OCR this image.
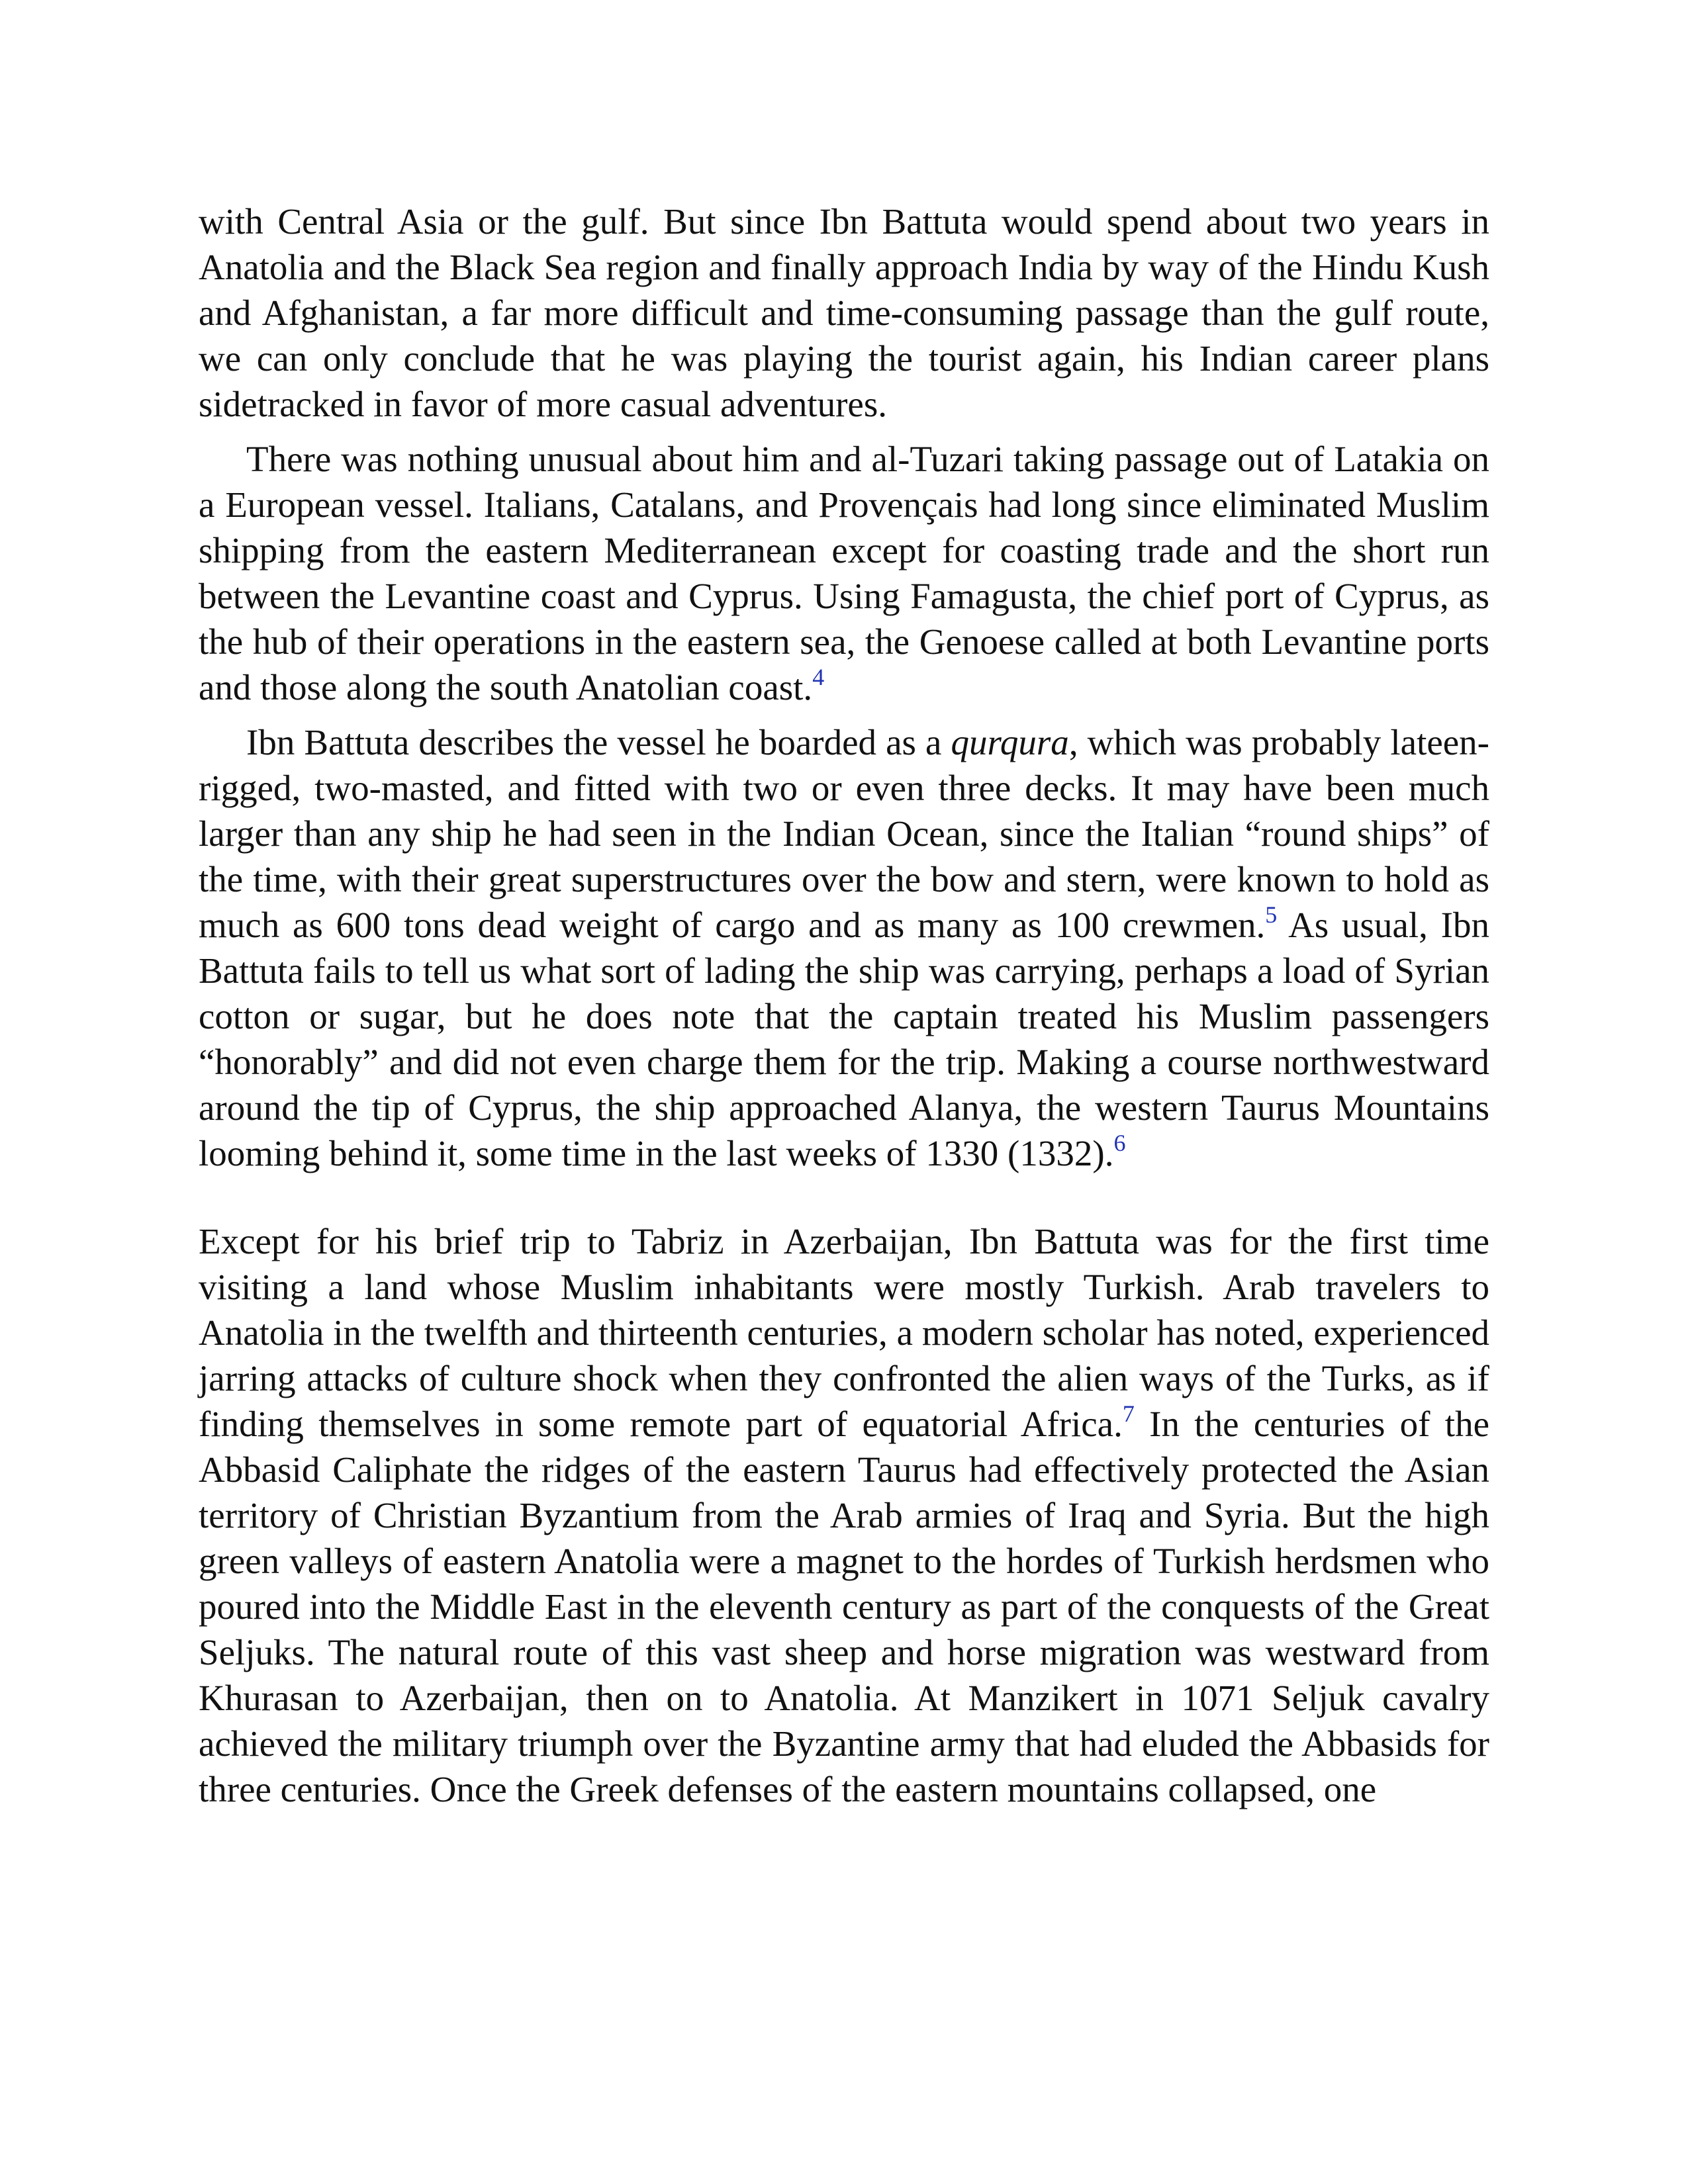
with Central Asia or the gulf. But since Ibn Battuta would spend about two years in Anatolia and the Black Sea region and finally approach India by way of the Hindu Kush and Afghanistan, a far more difficult and time-consuming passage than the gulf route, we can only conclude that he was playing the tourist again, his Indian career plans sidetracked in favor of more casual adventures.

There was nothing unusual about him and al-Tuzari taking passage out of Latakia on a European vessel. Italians, Catalans, and Provençais had long since eliminated Muslim shipping from the eastern Mediterranean except for coasting trade and the short run between the Levantine coast and Cyprus. Using Famagusta, the chief port of Cyprus, as the hub of their operations in the eastern sea, the Genoese called at both Levantine ports and those along the south Anatolian coast.$^4$

Ibn Battuta describes the vessel he boarded as a qurqura, which was probably lateen-rigged, two-masted, and fitted with two or even three decks. It may have been much larger than any ship he had seen in the Indian Ocean, since the Italian “round ships” of the time, with their great superstructures over the bow and stern, were known to hold as much as 600 tons dead weight of cargo and as many as 100 crewmen.$^5$ As usual, Ibn Battuta fails to tell us what sort of lading the ship was carrying, perhaps a load of Syrian cotton or sugar, but he does note that the captain treated his Muslim passengers “honorably” and did not even charge them for the trip. Making a course northwestward around the tip of Cyprus, the ship approached Alanya, the western Taurus Mountains looming behind it, some time in the last weeks of 1330 (1332).$^6$

Except for his brief trip to Tabriz in Azerbaijan, Ibn Battuta was for the first time visiting a land whose Muslim inhabitants were mostly Turkish. Arab travelers to Anatolia in the twelfth and thirteenth centuries, a modern scholar has noted, experienced jarring attacks of culture shock when they confronted the alien ways of the Turks, as if finding themselves in some remote part of equatorial Africa.$^7$ In the centuries of the Abbasid Caliphate the ridges of the eastern Taurus had effectively protected the Asian territory of Christian Byzantium from the Arab armies of Iraq and Syria. But the high green valleys of eastern Anatolia were a magnet to the hordes of Turkish herdsmen who poured into the Middle East in the eleventh century as part of the conquests of the Great Seljuks. The natural route of this vast sheep and horse migration was westward from Khurasan to Azerbaijan, then on to Anatolia. At Manzikert in 1071 Seljuk cavalry achieved the military triumph over the Byzantine army that had eluded the Abbasids for three centuries. Once the Greek defenses of the eastern mountains collapsed, one
